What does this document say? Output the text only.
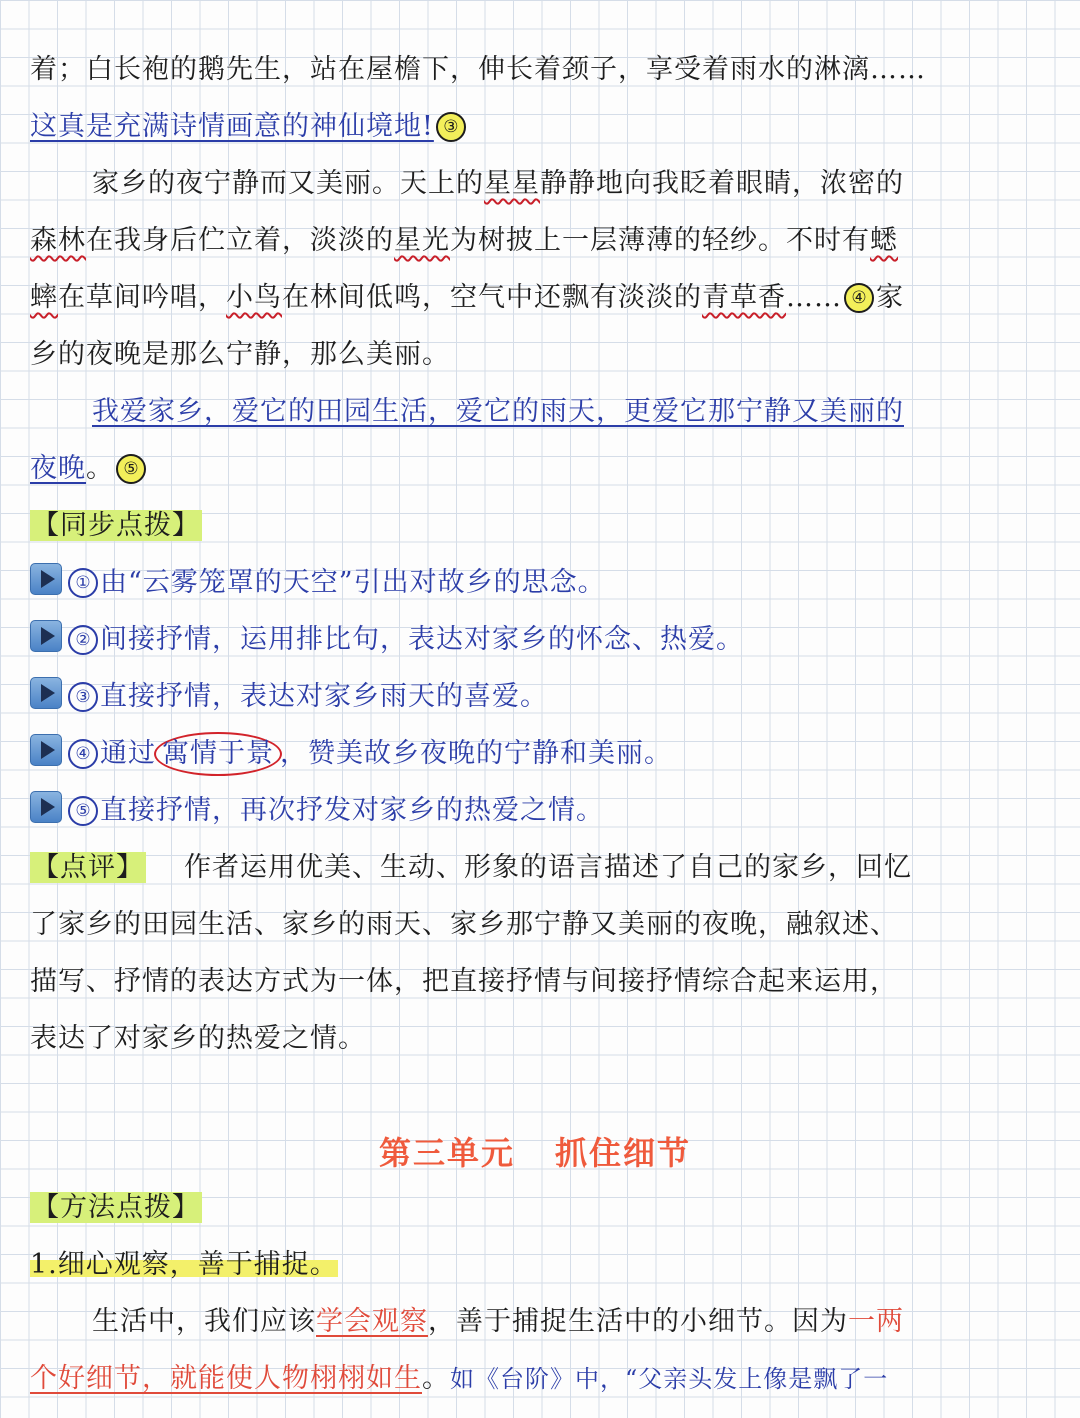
着；白长袍的鹅先生，站在屋檐下，伸长着颈子，享受着雨水的淋漓……
这真是充满诗情画意的神仙境地! ③
家乡的夜宁静而又美丽。天上的星星静静地向我眨着眼睛，浓密的
森林在我身后伫立着，淡淡的星光为树披上一层薄薄的轻纱。不时有蟋
蟀在草间吟唱，小鸟在林间低鸣，空气中还飘有淡淡的青草香…… ④ 家
乡的夜晚是那么宁静，那么美丽。
我爱家乡，爱它的田园生活，爱它的雨天，更爱它那宁静又美丽的
夜晚。 ⑤
【同步点拨】
① 由“云雾笼罩的天空”引出对故乡的思念。
② 间接抒情，运用排比句，表达对家乡的怀念、热爱。
③ 直接抒情，表达对家乡雨天的喜爱。
④ 通过 寓情于景 ，赞美故乡夜晚的宁静和美丽。
⑤ 直接抒情，再次抒发对家乡的热爱之情。
【点评】 作者运用优美、生动、形象的语言描述了自己的家乡，回忆
了家乡的田园生活、家乡的雨天、家乡那宁静又美丽的夜晚，融叙述、
描写、抒情的表达方式为一体，把直接抒情与间接抒情综合起来运用，
表达了对家乡的热爱之情。
第三单元 抓住细节
【方法点拨】
1.细心观察，善于捕捉。
生活中，我们应该学会观察，善于捕捉生活中的小细节。因为一两
个好细节，就能使人物栩栩如生。如《台阶》中，“父亲头发上像是飘了一
